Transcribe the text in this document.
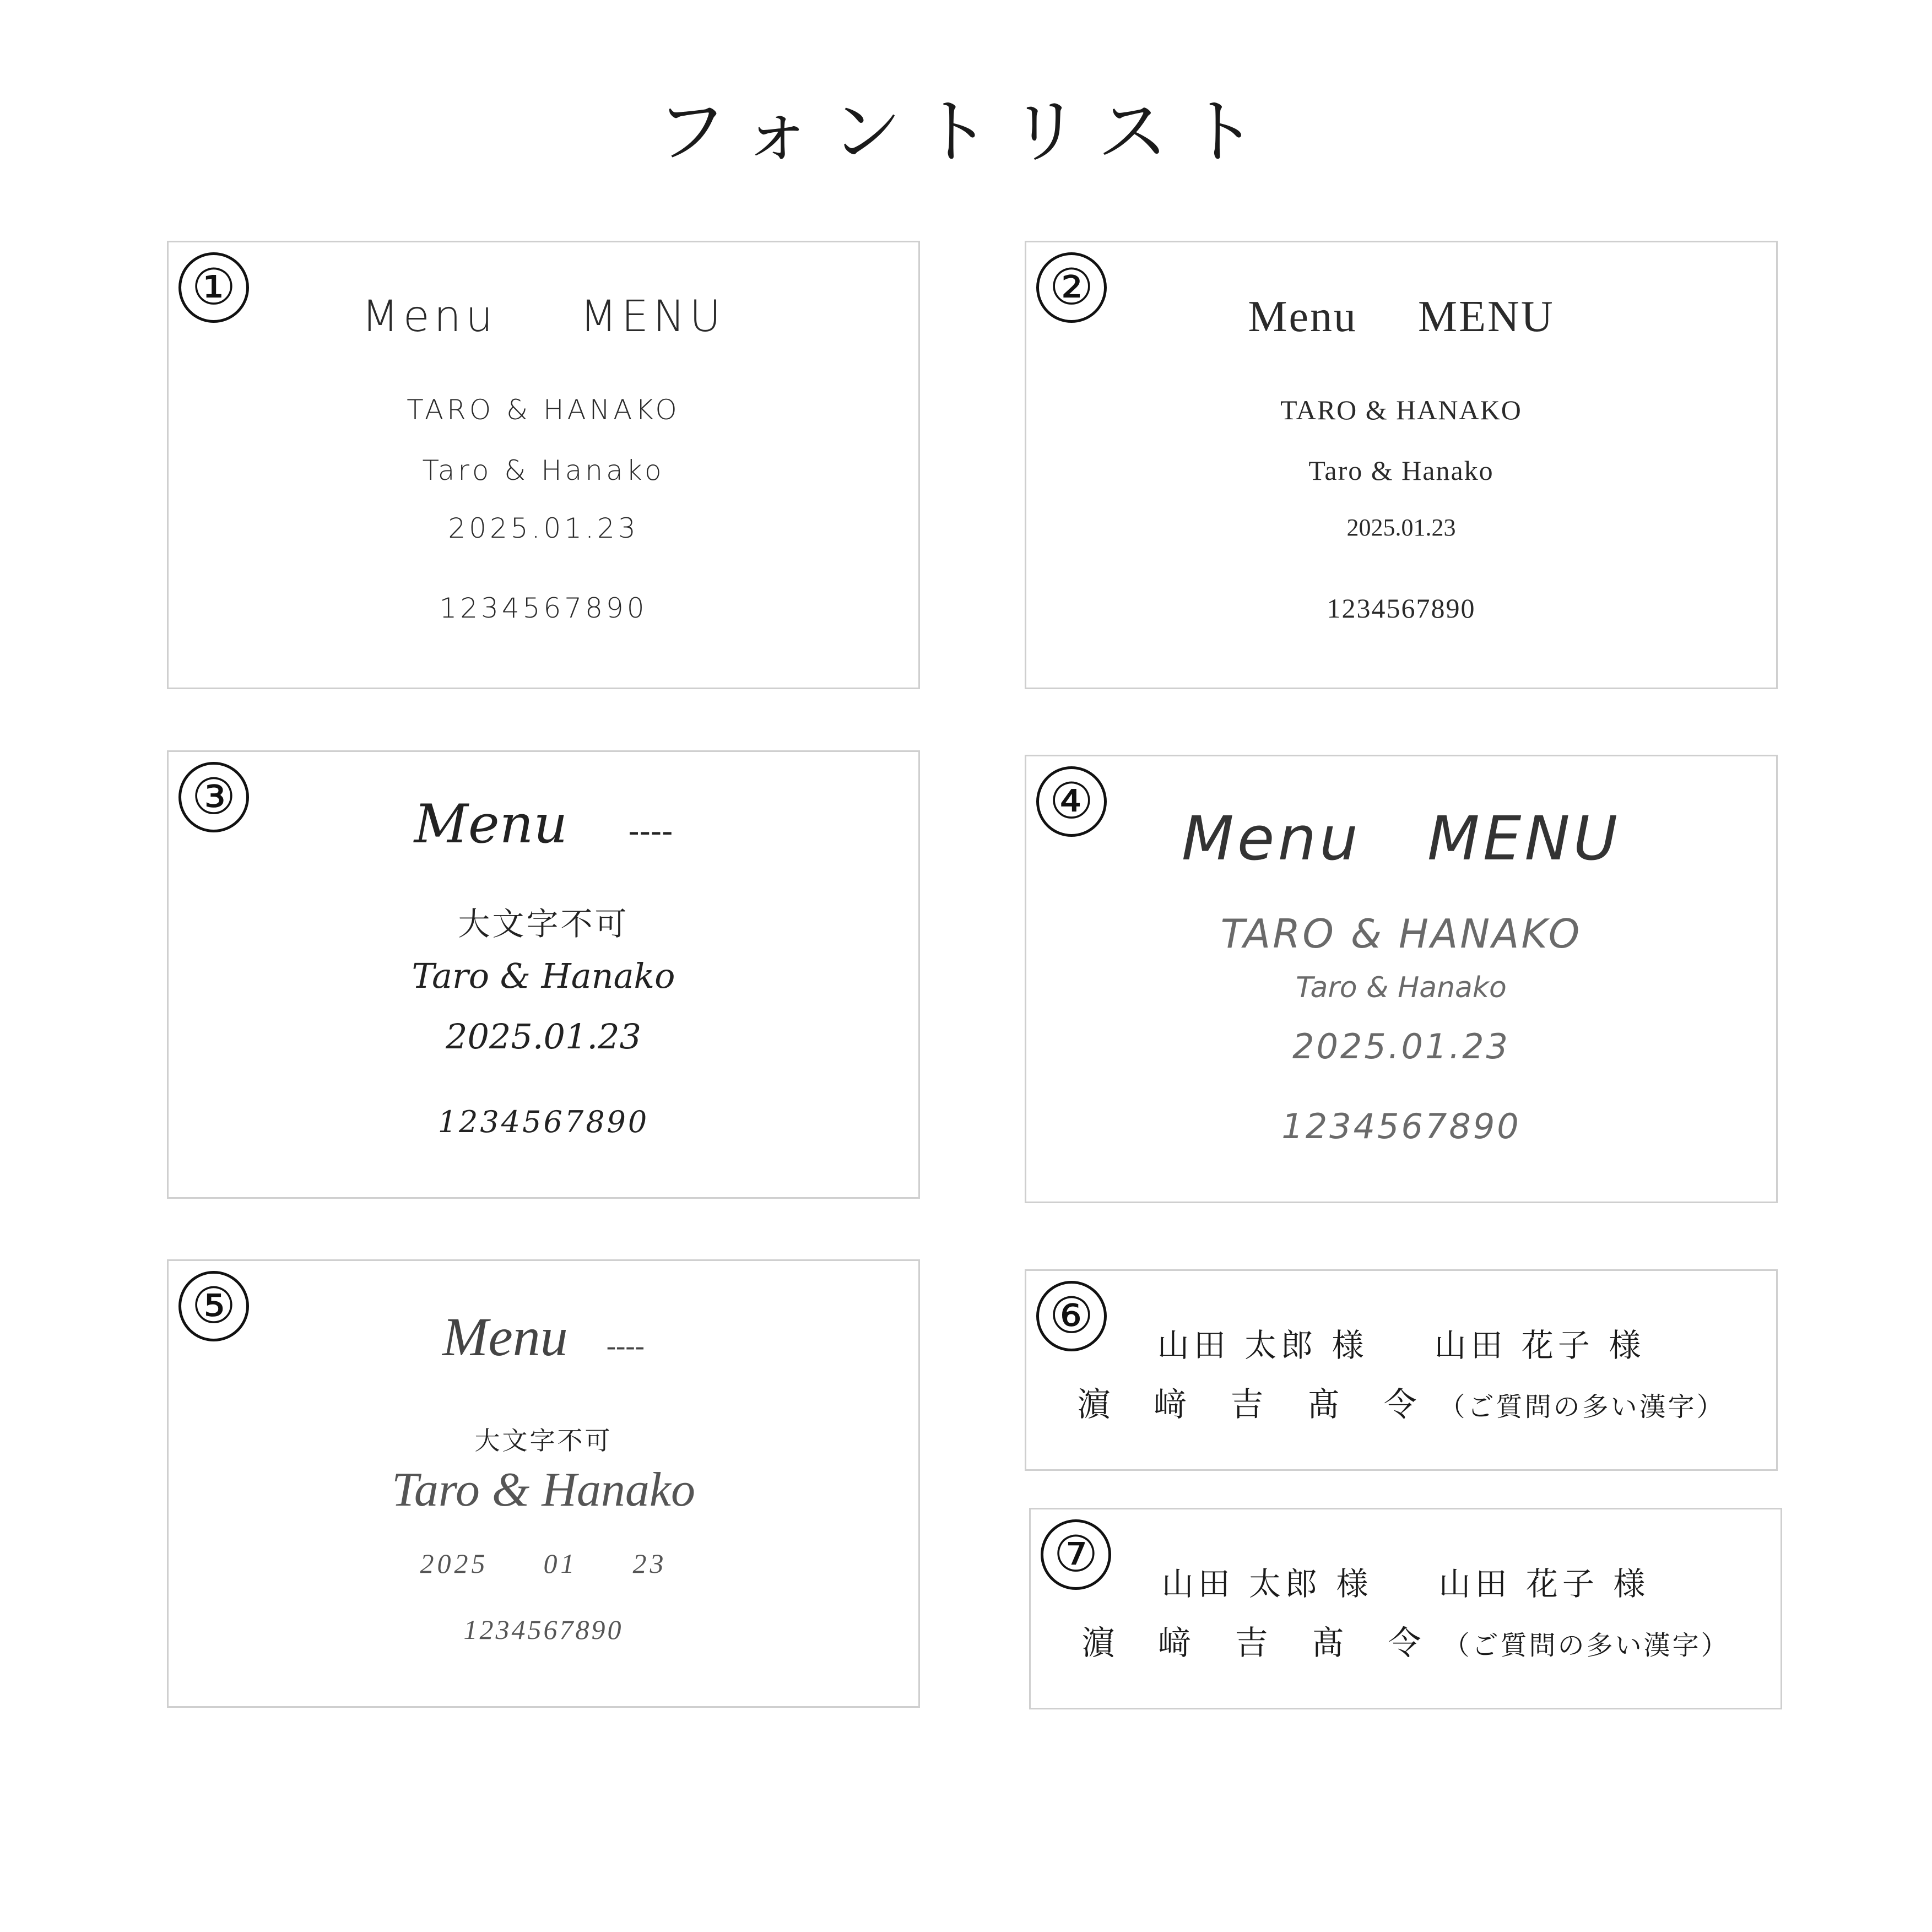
フォントリスト
①
Menu MENU
TARO & HANAKO
Taro & Hanako
2025.01.23
1234567890
②
Menu MENU
TARO & HANAKO
Taro & Hanako
2025.01.23
1234567890
③	Menu ----
大文字不可
Taro & Hanako
2025.01.23
1234567890
④
Menu MENU
TARO & HANAKO
Taro & Hanako
2025.01.23
1234567890
⑤
Menu ----
大文字不可
Taro & Hanako
2025 01 23
1234567890
⑥
山田 太郎 様 山田 花子 様
濵 﨑 吉 髙 令 （ご質問の多い漢字）
⑦
山田 太郎 様 山田 花子 様
濵 﨑 吉 髙 令 （ご質問の多い漢字）
